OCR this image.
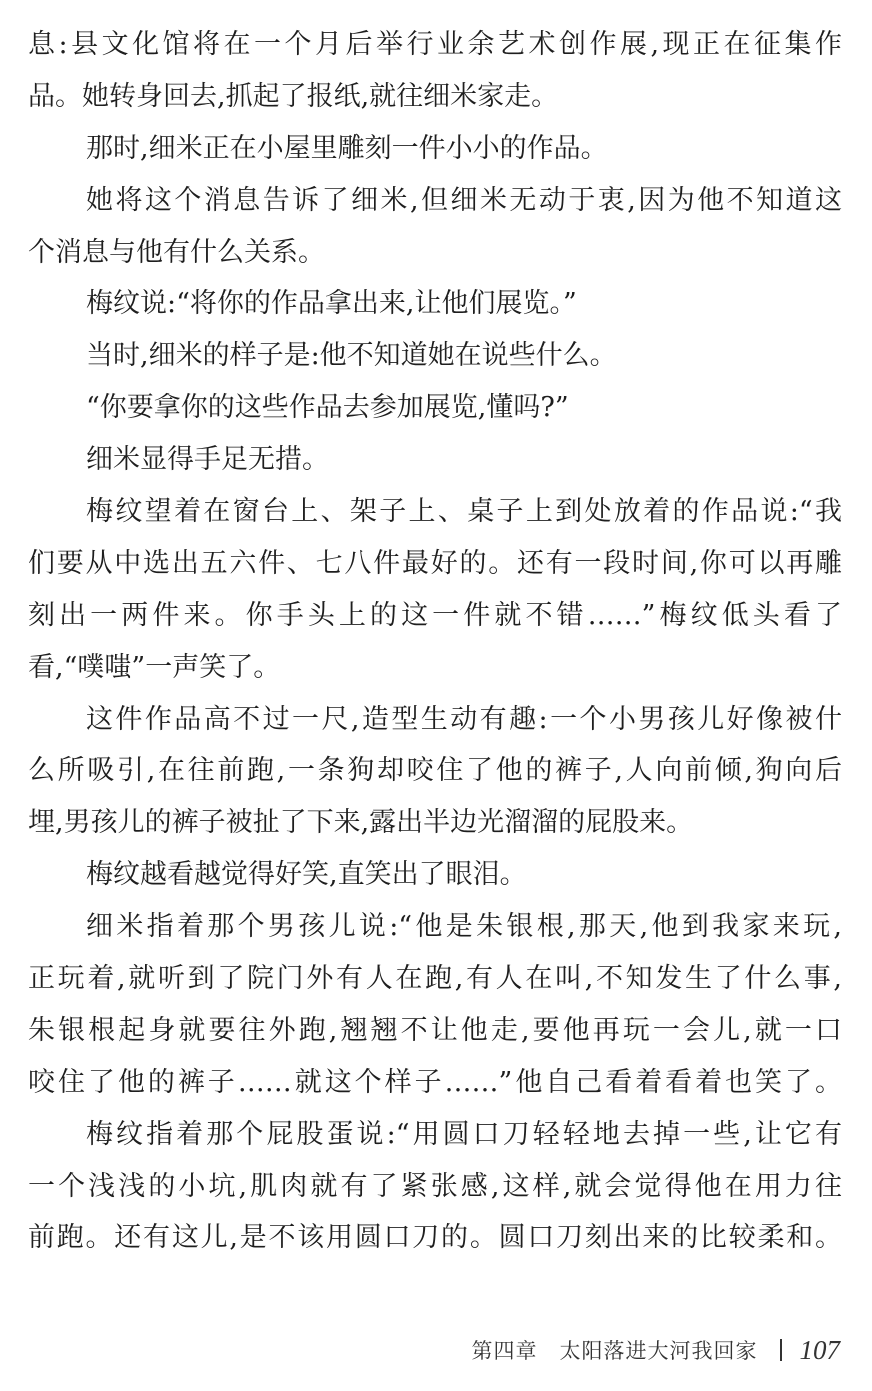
息:县文化馆将在一个月后举行业余艺术创作展,现正在征集作
品。她转身回去,抓起了报纸,就往细米家走。
那时,细米正在小屋里雕刻一件小小的作品。
她将这个消息告诉了细米,但细米无动于衷,因为他不知道这
个消息与他有什么关系。
梅纹说:“将你的作品拿出来,让他们展览。”
当时,细米的样子是:他不知道她在说些什么。
“你要拿你的这些作品去参加展览,懂吗?”
细米显得手足无措。
梅纹望着在窗台上、架子上、桌子上到处放着的作品说:“我
们要从中选出五六件、七八件最好的。还有一段时间,你可以再雕
刻出一两件来。你手头上的这一件就不错……”梅纹低头看了
看,“噗嗤”一声笑了。
这件作品高不过一尺,造型生动有趣:一个小男孩儿好像被什
么所吸引,在往前跑,一条狗却咬住了他的裤子,人向前倾,狗向后
埋,男孩儿的裤子被扯了下来,露出半边光溜溜的屁股来。
梅纹越看越觉得好笑,直笑出了眼泪。
细米指着那个男孩儿说:“他是朱银根,那天,他到我家来玩,
正玩着,就听到了院门外有人在跑,有人在叫,不知发生了什么事,
朱银根起身就要往外跑,翘翘不让他走,要他再玩一会儿,就一口
咬住了他的裤子……就这个样子……”他自己看着看着也笑了。
梅纹指着那个屁股蛋说:“用圆口刀轻轻地去掉一些,让它有
一个浅浅的小坑,肌肉就有了紧张感,这样,就会觉得他在用力往
前跑。还有这儿,是不该用圆口刀的。圆口刀刻出来的比较柔和。
第四章　太阳落进大河我回家 107
